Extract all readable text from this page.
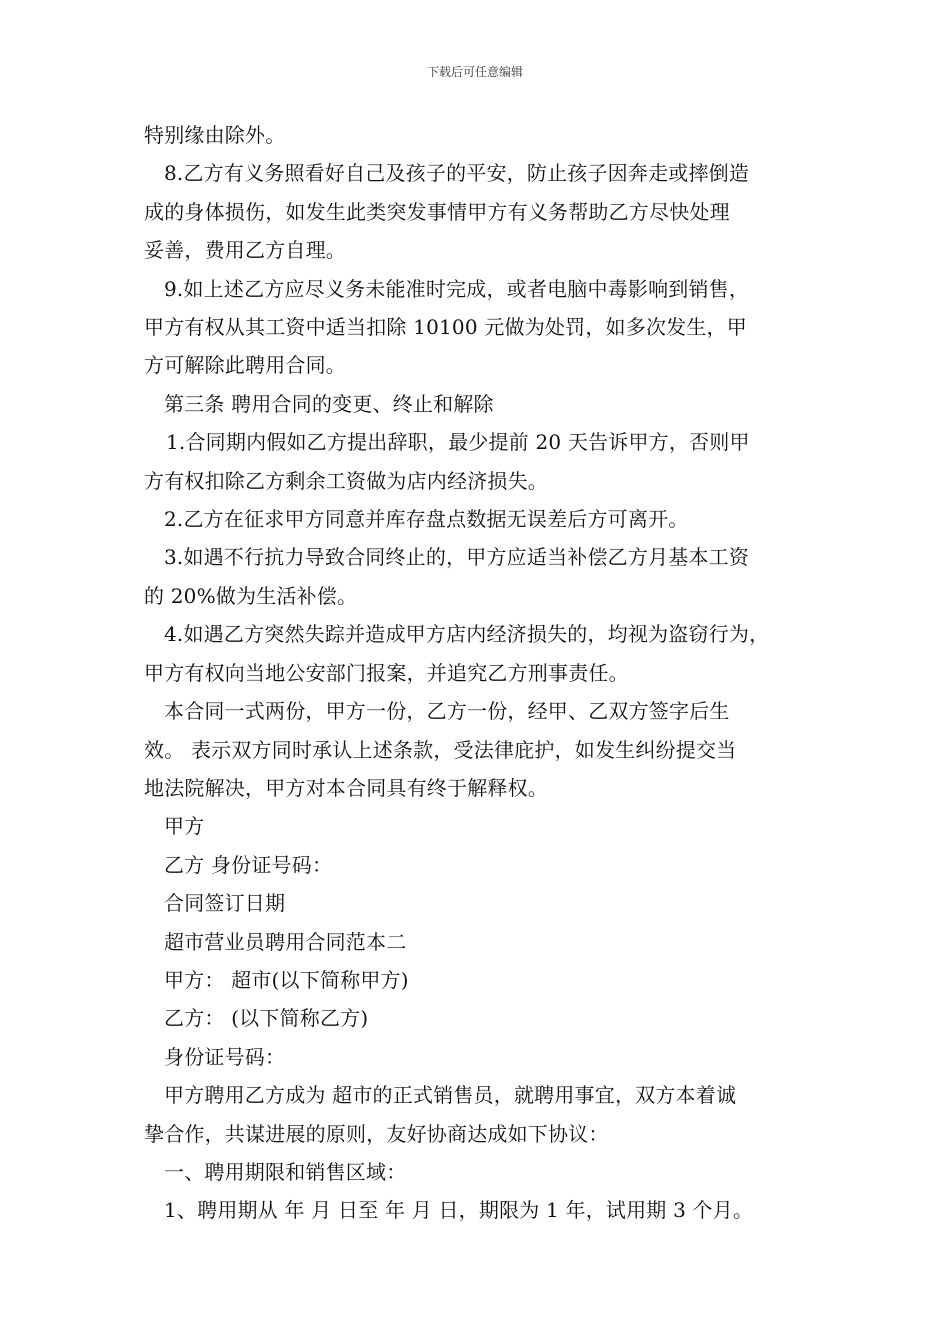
下载后可任意编辑

特别缘由除外。

8.乙方有义务照看好自己及孩子的平安，防止孩子因奔走或摔倒造

成的身体损伤，如发生此类突发事情甲方有义务帮助乙方尽快处理

妥善，费用乙方自理。

9.如上述乙方应尽义务未能准时完成，或者电脑中毒影响到销售，

甲方有权从其工资中适当扣除 10100 元做为处罚，如多次发生，甲

方可解除此聘用合同。

第三条 聘用合同的变更、终止和解除

1.合同期内假如乙方提出辞职，最少提前 20 天告诉甲方，否则甲

方有权扣除乙方剩余工资做为店内经济损失。

2.乙方在征求甲方同意并库存盘点数据无误差后方可离开。

3.如遇不行抗力导致合同终止的，甲方应适当补偿乙方月基本工资

的 20%做为生活补偿。

4.如遇乙方突然失踪并造成甲方店内经济损失的，均视为盗窃行为，

甲方有权向当地公安部门报案，并追究乙方刑事责任。

本合同一式两份，甲方一份，乙方一份，经甲、乙双方签字后生

效。 表示双方同时承认上述条款，受法律庇护，如发生纠纷提交当

地法院解决，甲方对本合同具有终于解释权。

甲方

乙方 身份证号码：

合同签订日期

超市营业员聘用合同范本二

甲方： 超市(以下简称甲方)

乙方： (以下简称乙方)

身份证号码：

甲方聘用乙方成为 超市的正式销售员，就聘用事宜，双方本着诚

挚合作，共谋进展的原则，友好协商达成如下协议：

一、聘用期限和销售区域：

1、聘用期从 年 月 日至 年 月 日，期限为 1 年，试用期 3 个月。
